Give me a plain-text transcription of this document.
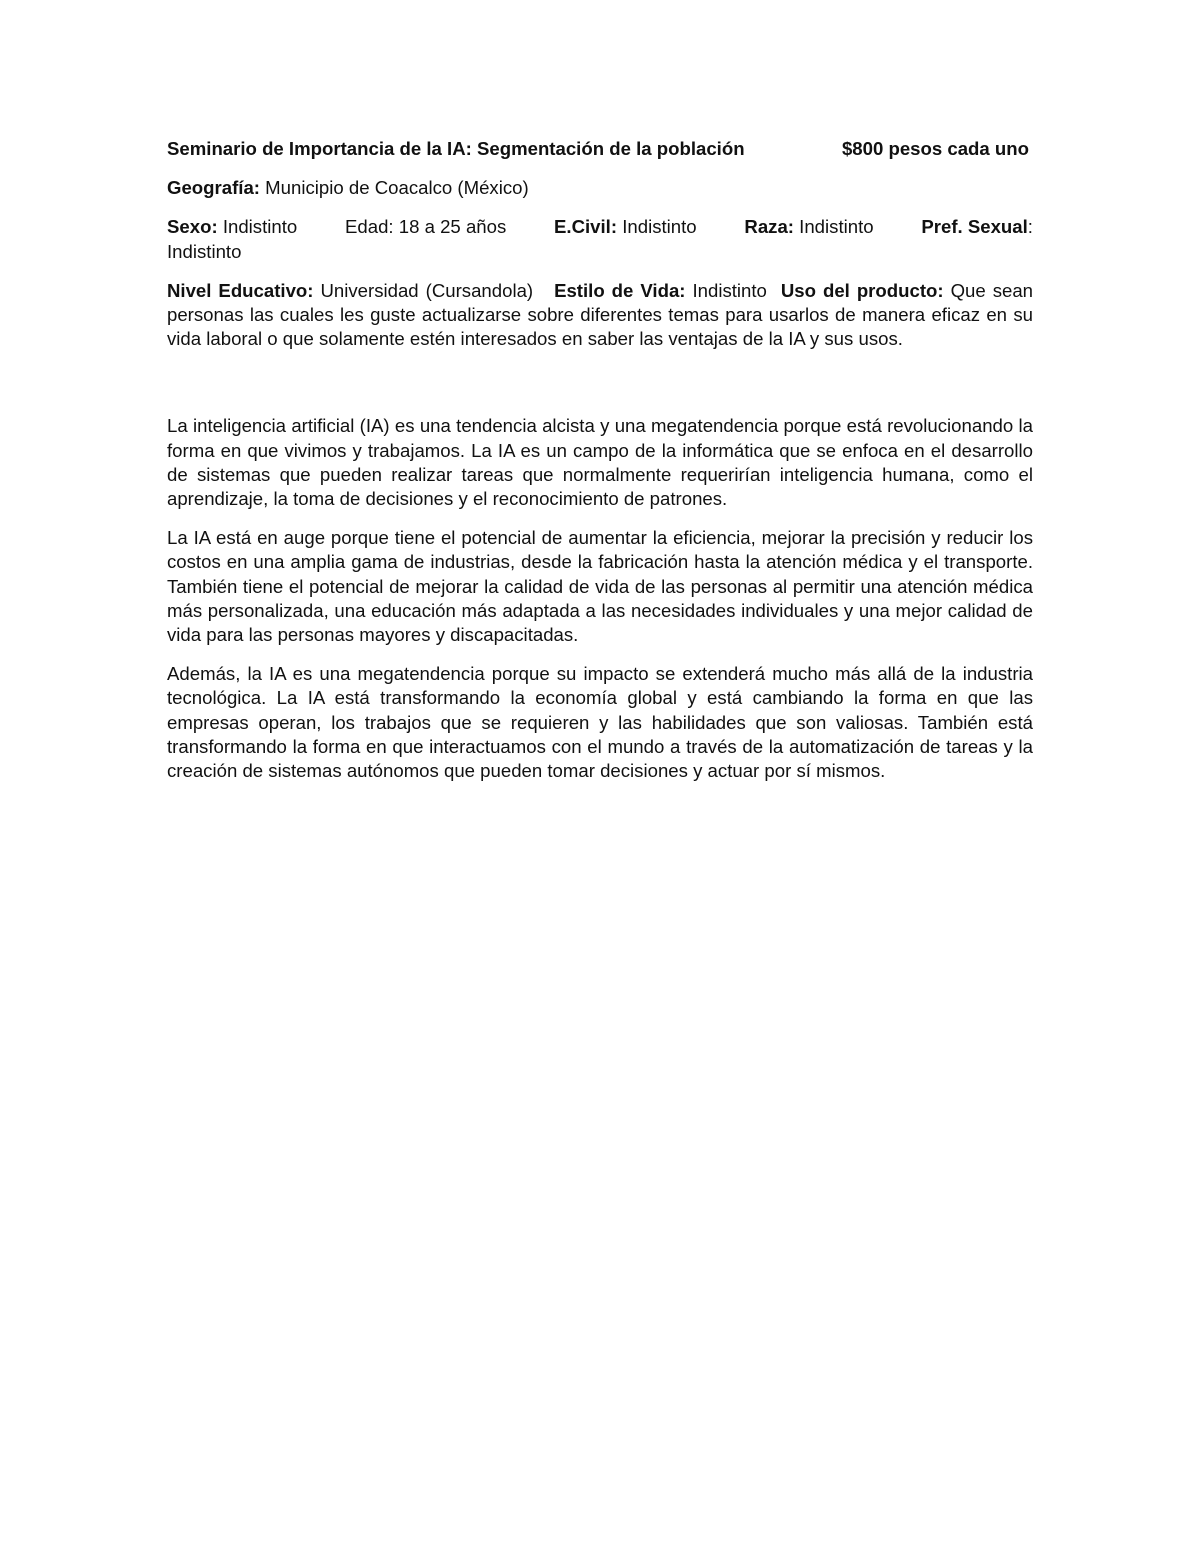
Seminario de Importancia de la IA: Segmentación de la población	$800 pesos cada uno

Geografía: Municipio de Coacalco (México)

Sexo: Indistinto	Edad: 18 a 25 años	E.Civil: Indistinto	Raza: Indistinto	Pref. Sexual:
Indistinto

Nivel Educativo: Universidad (Cursandola) Estilo de Vida: Indistinto Uso del producto: Que sean personas las cuales les guste actualizarse sobre diferentes temas para usarlos de manera eficaz en su vida laboral o que solamente estén interesados en saber las ventajas de la IA y sus usos.

La inteligencia artificial (IA) es una tendencia alcista y una megatendencia porque está revolucionando la forma en que vivimos y trabajamos. La IA es un campo de la informática que se enfoca en el desarrollo de sistemas que pueden realizar tareas que normalmente requerirían inteligencia humana, como el aprendizaje, la toma de decisiones y el reconocimiento de patrones.

La IA está en auge porque tiene el potencial de aumentar la eficiencia, mejorar la precisión y reducir los costos en una amplia gama de industrias, desde la fabricación hasta la atención médica y el transporte. También tiene el potencial de mejorar la calidad de vida de las personas al permitir una atención médica más personalizada, una educación más adaptada a las necesidades individuales y una mejor calidad de vida para las personas mayores y discapacitadas.

Además, la IA es una megatendencia porque su impacto se extenderá mucho más allá de la industria tecnológica. La IA está transformando la economía global y está cambiando la forma en que las empresas operan, los trabajos que se requieren y las habilidades que son valiosas. También está transformando la forma en que interactuamos con el mundo a través de la automatización de tareas y la creación de sistemas autónomos que pueden tomar decisiones y actuar por sí mismos.
